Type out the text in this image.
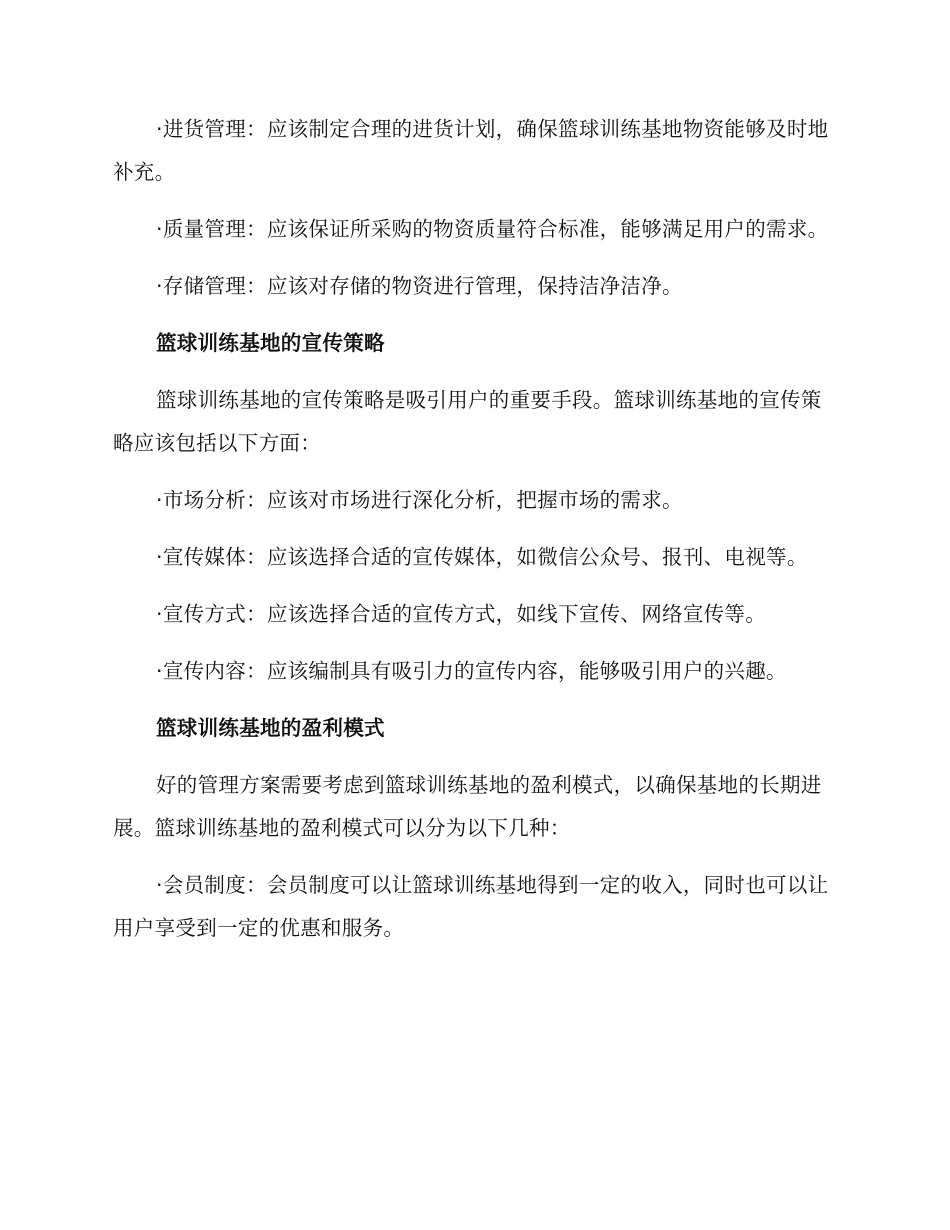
·进货管理：应该制定合理的进货计划，确保篮球训练基地物资能够及时地补充。

·质量管理：应该保证所采购的物资质量符合标准，能够满足用户的需求。

·存储管理：应该对存储的物资进行管理，保持洁净洁净。

篮球训练基地的宣传策略

篮球训练基地的宣传策略是吸引用户的重要手段。篮球训练基地的宣传策略应该包括以下方面：

·市场分析：应该对市场进行深化分析，把握市场的需求。

·宣传媒体：应该选择合适的宣传媒体，如微信公众号、报刊、电视等。

·宣传方式：应该选择合适的宣传方式，如线下宣传、网络宣传等。

·宣传内容：应该编制具有吸引力的宣传内容，能够吸引用户的兴趣。

篮球训练基地的盈利模式

好的管理方案需要考虑到篮球训练基地的盈利模式，以确保基地的长期进展。篮球训练基地的盈利模式可以分为以下几种：

·会员制度：会员制度可以让篮球训练基地得到一定的收入，同时也可以让用户享受到一定的优惠和服务。
